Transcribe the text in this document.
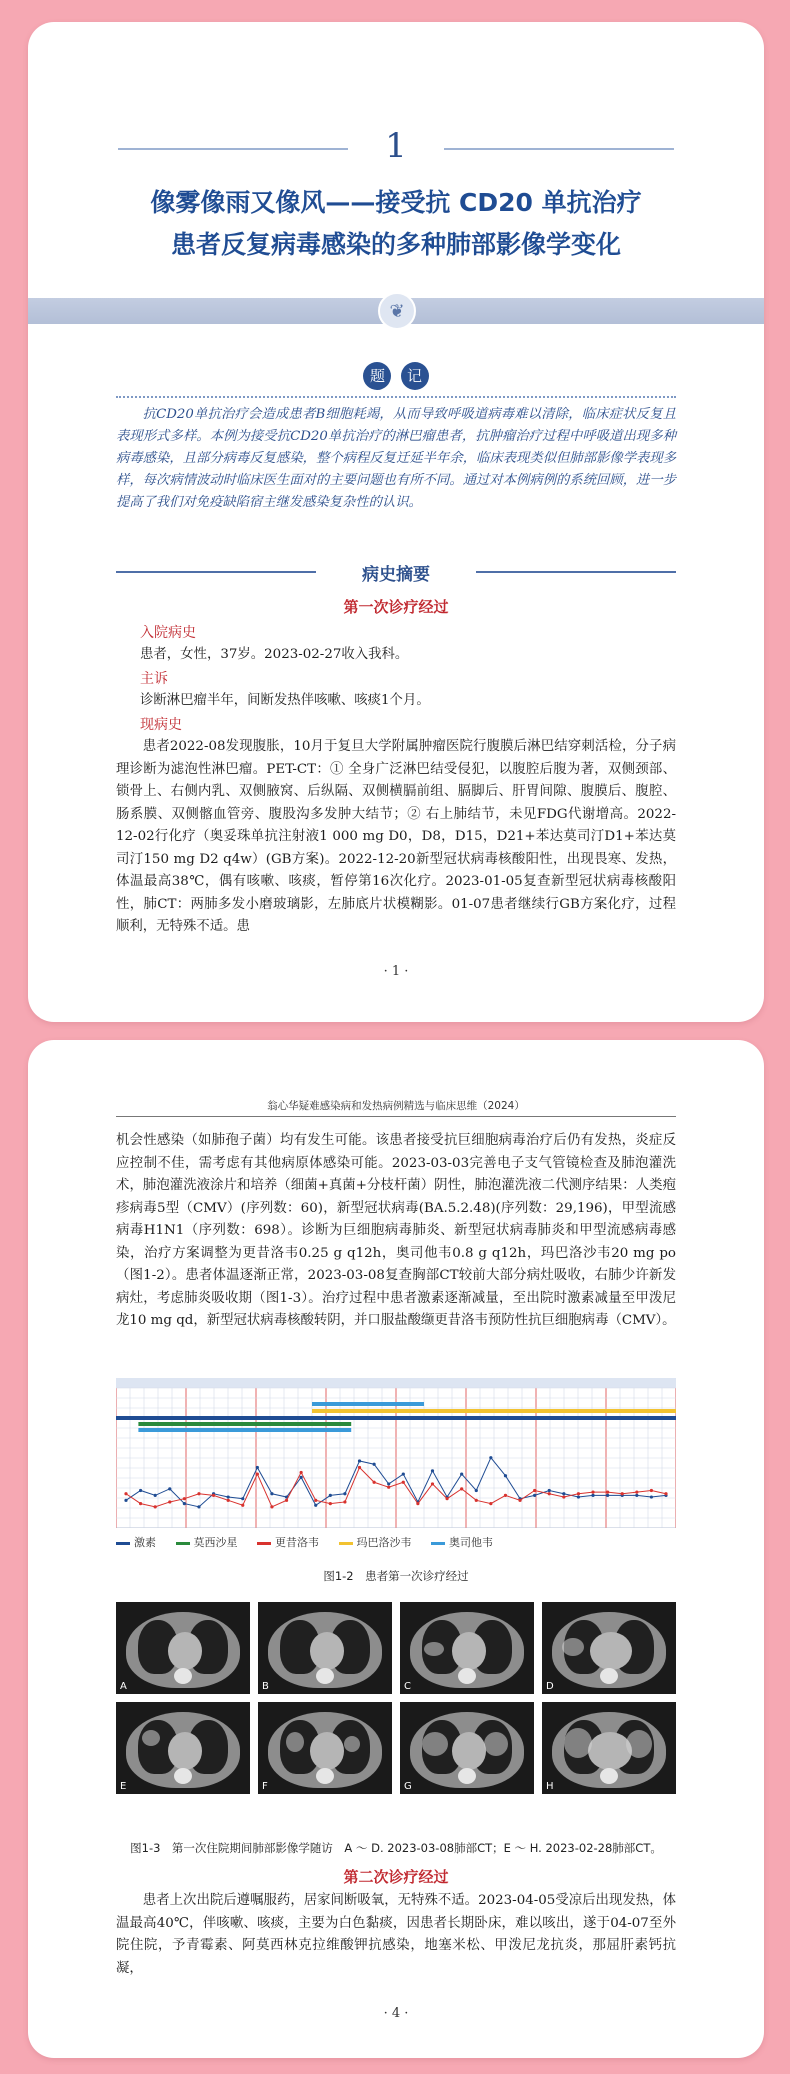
1
像雾像雨又像风——接受抗 CD20 单抗治疗
患者反复病毒感染的多种肺部影像学变化
❦
题 记
抗CD20单抗治疗会造成患者B细胞耗竭，从而导致呼吸道病毒难以清除，临床症状反复且表现形式多样。本例为接受抗CD20单抗治疗的淋巴瘤患者，抗肿瘤治疗过程中呼吸道出现多种病毒感染，且部分病毒反复感染，整个病程反复迁延半年余，临床表现类似但肺部影像学表现多样，每次病情波动时临床医生面对的主要问题也有所不同。通过对本例病例的系统回顾，进一步提高了我们对免疫缺陷宿主继发感染复杂性的认识。
病史摘要
第一次诊疗经过
入院病史
患者，女性，37岁。2023-02-27收入我科。
主诉
诊断淋巴瘤半年，间断发热伴咳嗽、咳痰1个月。
现病史
患者2022-08发现腹胀，10月于复旦大学附属肿瘤医院行腹膜后淋巴结穿刺活检，分子病理诊断为滤泡性淋巴瘤。PET-CT：① 全身广泛淋巴结受侵犯，以腹腔后腹为著，双侧颈部、锁骨上、右侧内乳、双侧腋窝、后纵隔、双侧横膈前组、膈脚后、肝胃间隙、腹膜后、腹腔、肠系膜、双侧髂血管旁、腹股沟多发肿大结节；② 右上肺结节，未见FDG代谢增高。2022-12-02行化疗（奥妥珠单抗注射液1 000 mg D0，D8，D15，D21+苯达莫司汀D1+苯达莫司汀150 mg D2 q4w）(GB方案)。2022-12-20新型冠状病毒核酸阳性，出现畏寒、发热，体温最高38℃，偶有咳嗽、咳痰，暂停第16次化疗。2023-01-05复查新型冠状病毒核酸阳性，肺CT：两肺多发小磨玻璃影，左肺底片状模糊影。01-07患者继续行GB方案化疗，过程顺利，无特殊不适。患
· 1 ·
翁心华疑难感染病和发热病例精选与临床思维（2024）
机会性感染（如肺孢子菌）均有发生可能。该患者接受抗巨细胞病毒治疗后仍有发热，炎症反应控制不佳，需考虑有其他病原体感染可能。2023-03-03完善电子支气管镜检查及肺泡灌洗术，肺泡灌洗液涂片和培养（细菌+真菌+分枝杆菌）阴性，肺泡灌洗液二代测序结果：人类疱疹病毒5型（CMV）(序列数：60)，新型冠状病毒(BA.5.2.48)(序列数：29,196)，甲型流感病毒H1N1（序列数：698）。诊断为巨细胞病毒肺炎、新型冠状病毒肺炎和甲型流感病毒感染，治疗方案调整为更昔洛韦0.25 g q12h，奥司他韦0.8 g q12h，玛巴洛沙韦20 mg po（图1-2）。患者体温逐渐正常，2023-03-08复查胸部CT较前大部分病灶吸收，右肺少许新发病灶，考虑肺炎吸收期（图1-3）。治疗过程中患者激素逐渐减量，至出院时激素减量至甲泼尼龙10 mg qd，新型冠状病毒核酸转阴，并口服盐酸缬更昔洛韦预防性抗巨细胞病毒（CMV）。
激素	莫西沙星	更昔洛韦	玛巴洛沙韦	奥司他韦
图1-2　患者第一次诊疗经过
A	B	C	D
E	F	G	H
图1-3　第一次住院期间肺部影像学随访　A ～ D. 2023-03-08肺部CT；E ～ H. 2023-02-28肺部CT。
第二次诊疗经过
患者上次出院后遵嘱服药，居家间断吸氧，无特殊不适。2023-04-05受凉后出现发热，体温最高40℃，伴咳嗽、咳痰，主要为白色黏痰，因患者长期卧床，难以咳出，遂于04-07至外院住院，予青霉素、阿莫西林克拉维酸钾抗感染，地塞米松、甲泼尼龙抗炎，那屈肝素钙抗凝，
· 4 ·
